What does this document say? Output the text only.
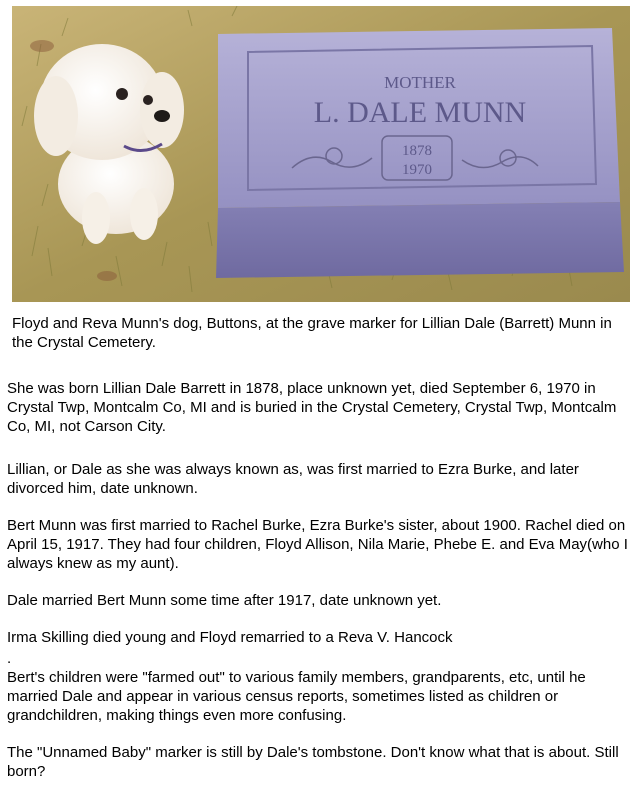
MOTHER
L. DALE MUNN
1878
1970

Floyd and Reva Munn's dog, Buttons, at the grave marker for Lillian Dale (Barrett) Munn in the Crystal Cemetery.

She was born Lillian Dale Barrett in 1878, place unknown yet, died September 6, 1970 in Crystal Twp, Montcalm Co, MI and is buried in the Crystal Cemetery, Crystal Twp, Montcalm Co, MI, not Carson City.

Lillian, or Dale as she was always known as, was first married to Ezra Burke, and later divorced him, date unknown.

Bert Munn was first married to Rachel Burke, Ezra Burke's sister, about 1900. Rachel died on April 15, 1917. They had four children, Floyd Allison, Nila Marie, Phebe E. and Eva May(who I always knew as my aunt).

Dale married Bert Munn some time after 1917, date unknown yet.

Irma Skilling died young and Floyd remarried to a Reva V. Hancock

.

Bert's children were "farmed out" to various family members, grandparents, etc, until he married Dale and appear in various census reports, sometimes listed as children or grandchildren, making things even more confusing.

The "Unnamed Baby" marker is still by Dale's tombstone. Don't know what that is about. Still born?
